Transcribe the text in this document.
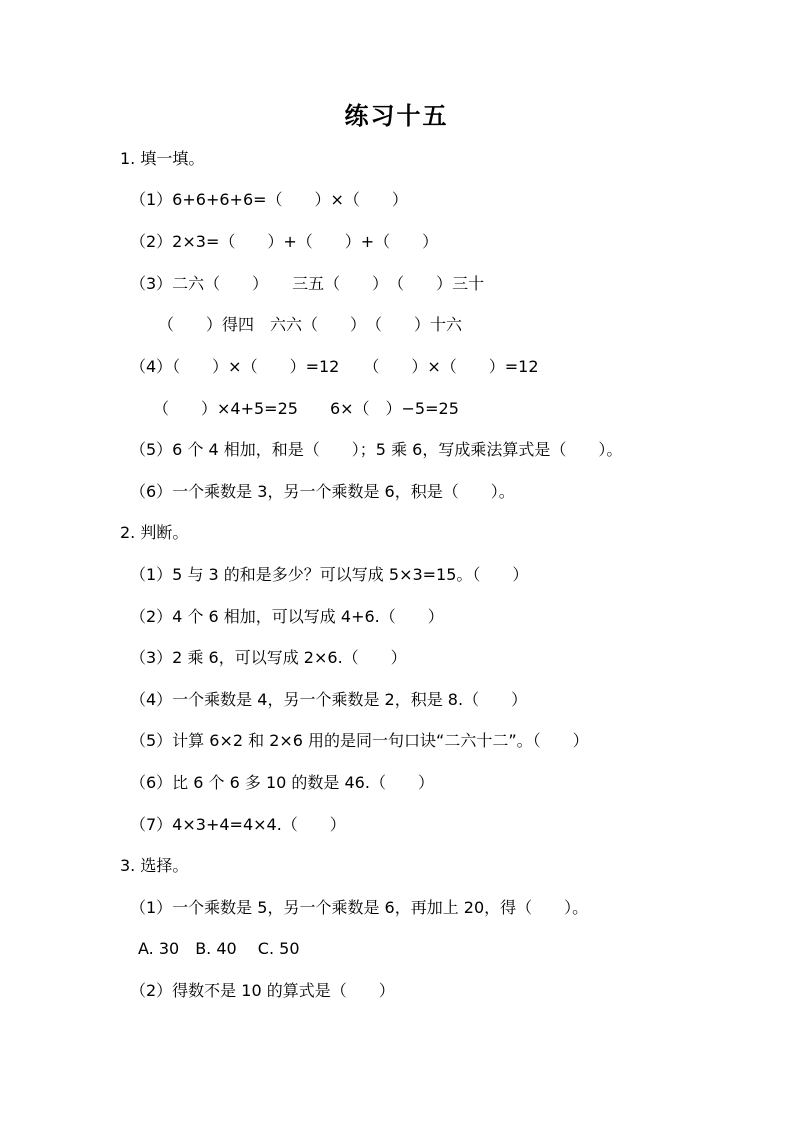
练习十五
1. 填一填。
（1）6+6+6+6=（　　）×（　　）
（2）2×3=（　　）+（　　）+（　　）
（3）二六（　　）　　三五（　　）　（　　）三十
（　　）得四　六六（　　）　（　　）十六
（4）（　　）×（　　）=12　　（　　）×（　　）=12
（　　）×4+5=25　　6×（　）−5=25
（5）6 个 4 相加，和是（　　）；5 乘 6，写成乘法算式是（　　）。
（6）一个乘数是 3，另一个乘数是 6，积是（　　）。
2. 判断。
（1）5 与 3 的和是多少？可以写成 5×3=15。（　　）
（2）4 个 6 相加，可以写成 4+6.（　　）
（3）2 乘 6，可以写成 2×6.（　　）
（4）一个乘数是 4，另一个乘数是 2，积是 8.（　　）
（5）计算 6×2 和 2×6 用的是同一句口诀“二六十二”。（　　）
（6）比 6 个 6 多 10 的数是 46.（　　）
（7）4×3+4=4×4.（　　）
3. 选择。
（1）一个乘数是 5，另一个乘数是 6，再加上 20，得（　　）。
A. 30　B. 40　 C. 50
（2）得数不是 10 的算式是（　　）
